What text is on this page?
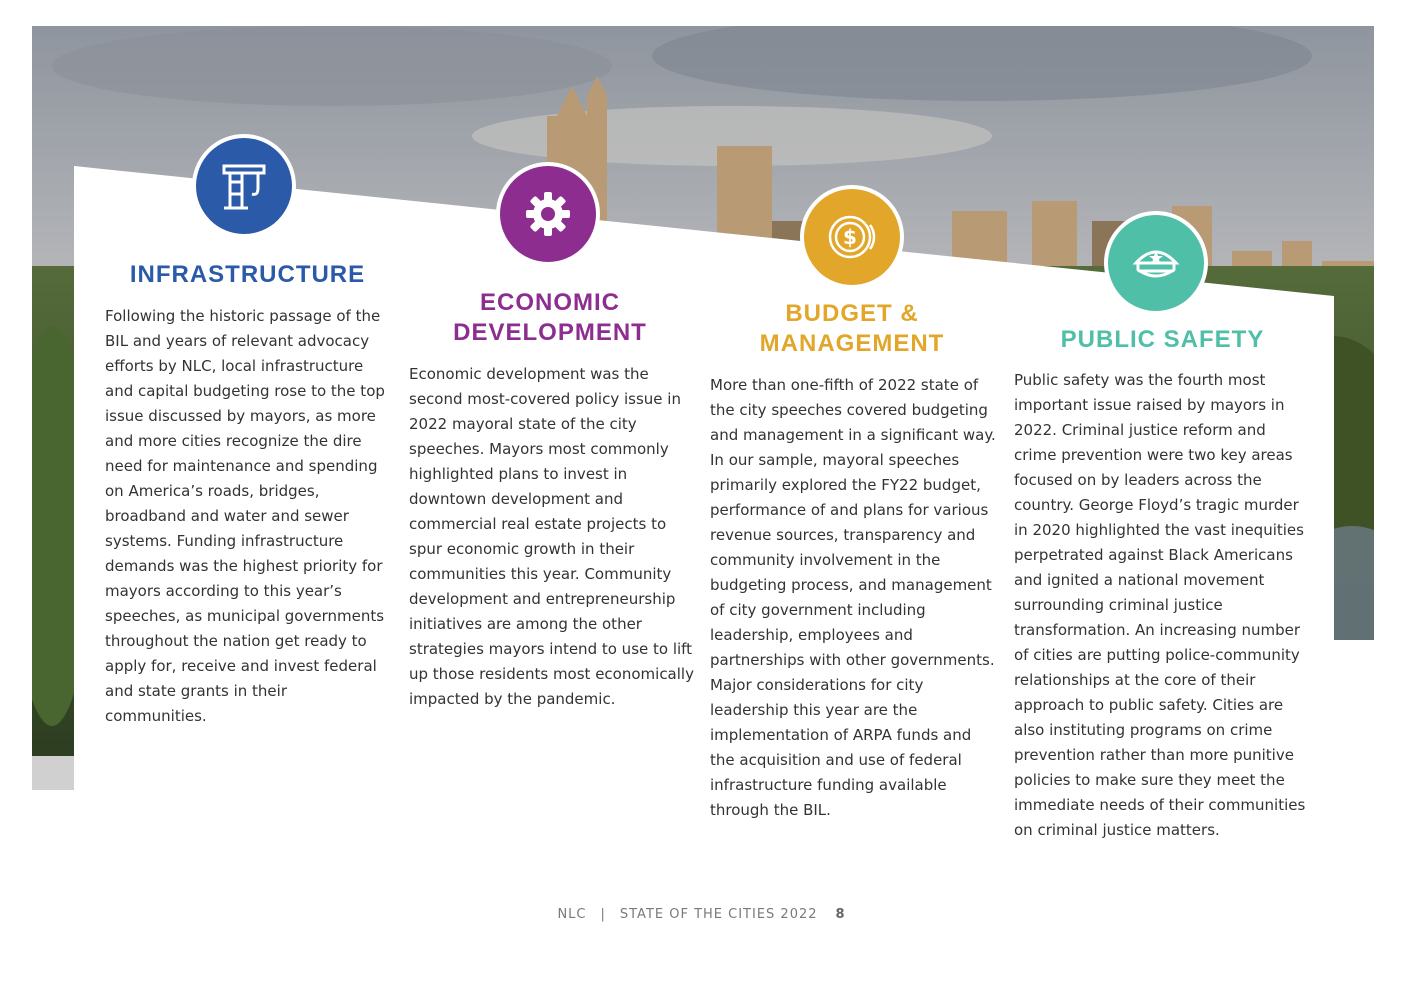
INFRASTRUCTURE

Following the historic passage of the BIL and years of relevant advocacy efforts by NLC, local infrastructure and capital budgeting rose to the top issue discussed by mayors, as more and more cities recognize the dire need for maintenance and spending on America’s roads, bridges, broadband and water and sewer systems. Funding infrastructure demands was the highest priority for mayors according to this year’s speeches, as municipal governments throughout the nation get ready to apply for, receive and invest federal and state grants in their communities.

ECONOMIC DEVELOPMENT

Economic development was the second most-covered policy issue in 2022 mayoral state of the city speeches. Mayors most commonly highlighted plans to invest in downtown development and commercial real estate projects to spur economic growth in their communities this year. Community development and entrepreneurship initiatives are among the other strategies mayors intend to use to lift up those residents most economically impacted by the pandemic.

$
BUDGET & MANAGEMENT

More than one-fifth of 2022 state of the city speeches covered budgeting and management in a significant way. In our sample, mayoral speeches primarily explored the FY22 budget, performance of and plans for various revenue sources, transparency and community involvement in the budgeting process, and management of city government including leadership, employees and partnerships with other governments. Major considerations for city leadership this year are the implementation of ARPA funds and the acquisition and use of federal infrastructure funding available through the BIL.

PUBLIC SAFETY

Public safety was the fourth most important issue raised by mayors in 2022. Criminal justice reform and crime prevention were two key areas focused on by leaders across the country. George Floyd’s tragic murder in 2020 highlighted the vast inequities perpetrated against Black Americans and ignited a national movement surrounding criminal justice transformation. An increasing number of cities are putting police-community relationships at the core of their approach to public safety. Cities are also instituting programs on crime prevention rather than more punitive policies to make sure they meet the immediate needs of their communities on criminal justice matters.

NLC | STATE OF THE CITIES 2022 8
